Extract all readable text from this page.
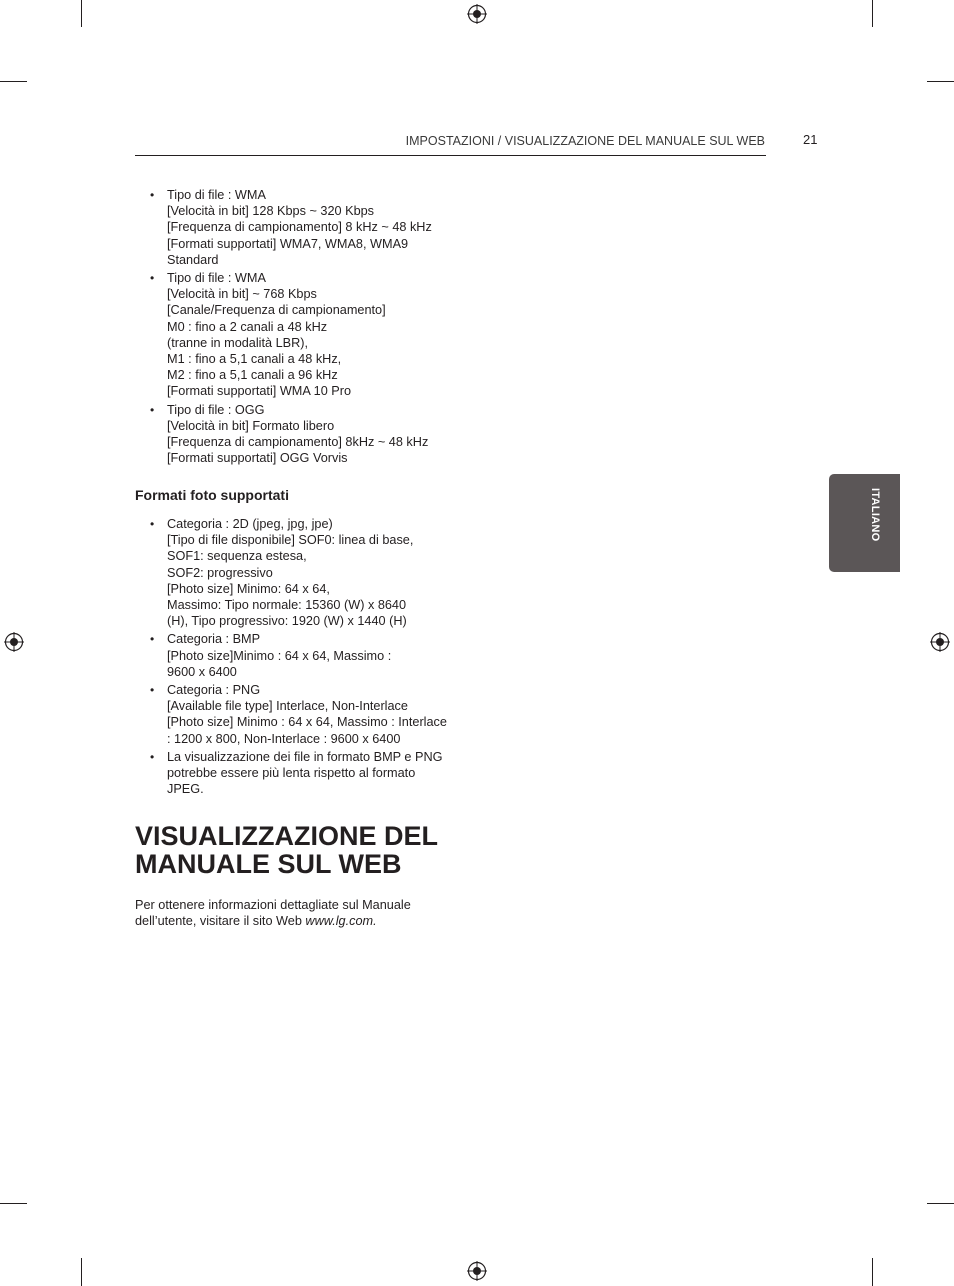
IMPOSTAZIONI / VISUALIZZAZIONE DEL MANUALE SUL WEB	21
ITALIANO
• Tipo di file : WMA
[Velocità in bit] 128 Kbps ~ 320 Kbps
[Frequenza di campionamento] 8 kHz ~ 48 kHz
[Formati supportati] WMA7, WMA8, WMA9
Standard
• Tipo di file : WMA
[Velocità in bit] ~ 768 Kbps
[Canale/Frequenza di campionamento]
M0 : fino a 2 canali a 48 kHz
(tranne in modalità LBR),
M1 : fino a 5,1 canali a 48 kHz,
M2 : fino a 5,1 canali a 96 kHz
[Formati supportati] WMA 10 Pro
• Tipo di file : OGG
[Velocità in bit] Formato libero
[Frequenza di campionamento] 8kHz ~ 48 kHz
[Formati supportati] OGG Vorvis
Formati foto supportati
• Categoria : 2D (jpeg, jpg, jpe)
[Tipo di file disponibile] SOF0: linea di base,
SOF1: sequenza estesa,
SOF2: progressivo
[Photo size] Minimo: 64 x 64,
Massimo: Tipo normale: 15360 (W) x 8640
(H), Tipo progressivo: 1920 (W) x 1440 (H)
• Categoria : BMP
[Photo size]Minimo : 64 x 64, Massimo :
9600 x 6400
• Categoria : PNG
[Available file type] Interlace, Non-Interlace
[Photo size] Minimo : 64 x 64, Massimo : Interlace
: 1200 x 800, Non-Interlace : 9600 x 6400
• La visualizzazione dei file in formato BMP e PNG
potrebbe essere più lenta rispetto al formato
JPEG.
VISUALIZZAZIONE DEL
MANUALE SUL WEB
Per ottenere informazioni dettagliate sul Manuale
dell’utente, visitare il sito Web www.lg.com.
